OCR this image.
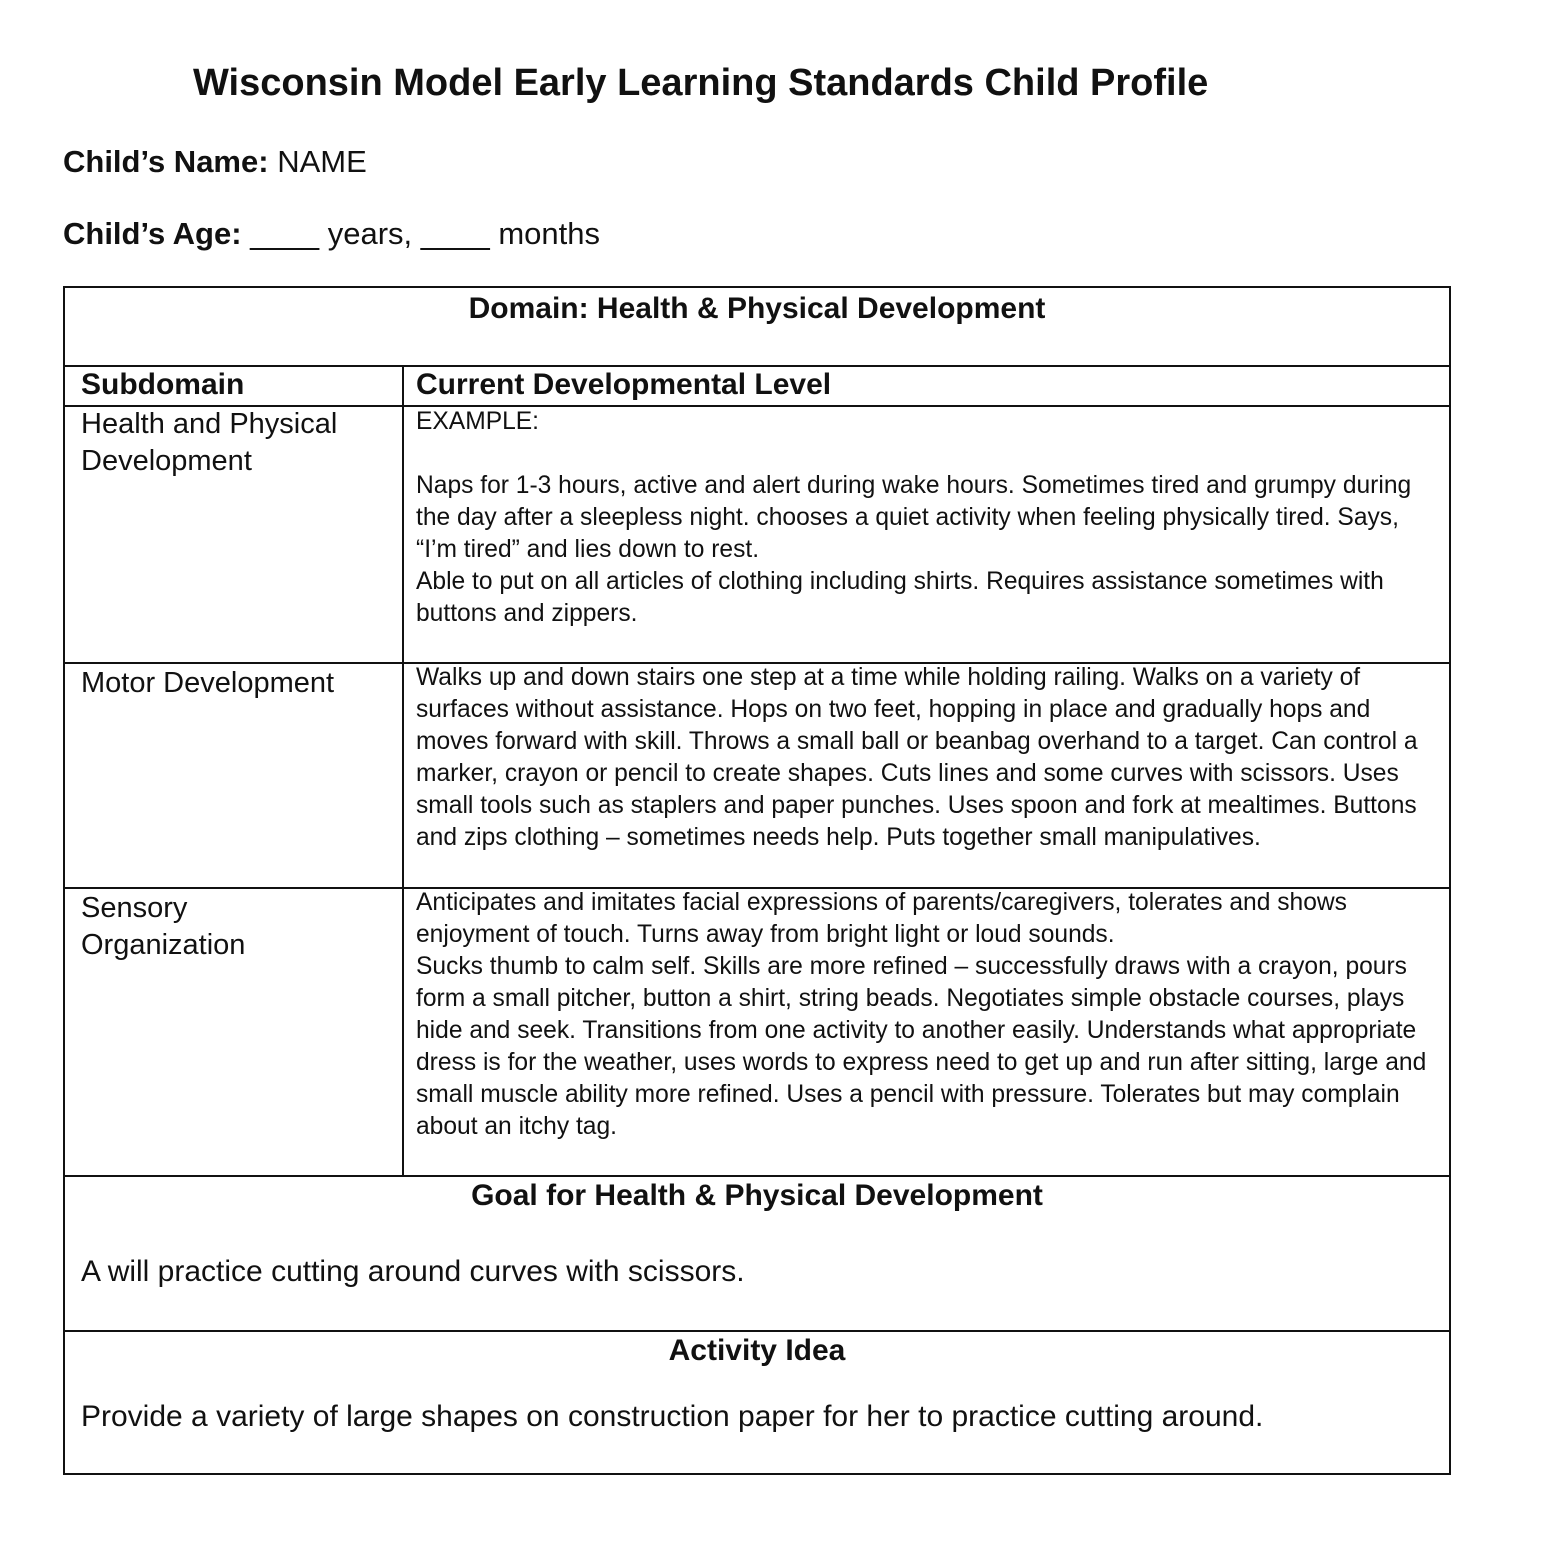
Wisconsin Model Early Learning Standards Child Profile
Child’s Name: NAME
Child’s Age: ____ years, ____ months
Domain: Health & Physical Development
Subdomain	Current Developmental Level
Health and Physical Development
EXAMPLE:

Naps for 1-3 hours, active and alert during wake hours. Sometimes tired and grumpy during the day after a sleepless night. chooses a quiet activity when feeling physically tired. Says, “I’m tired” and lies down to rest.
Able to put on all articles of clothing including shirts. Requires assistance sometimes with buttons and zippers.
Motor Development	Walks up and down stairs one step at a time while holding railing. Walks on a variety of surfaces without assistance. Hops on two feet, hopping in place and gradually hops and moves forward with skill. Throws a small ball or beanbag overhand to a target. Can control a marker, crayon or pencil to create shapes. Cuts lines and some curves with scissors. Uses small tools such as staplers and paper punches. Uses spoon and fork at mealtimes. Buttons and zips clothing – sometimes needs help. Puts together small manipulatives.
Sensory Organization
Anticipates and imitates facial expressions of parents/caregivers, tolerates and shows enjoyment of touch. Turns away from bright light or loud sounds.
Sucks thumb to calm self. Skills are more refined – successfully draws with a crayon, pours form a small pitcher, button a shirt, string beads. Negotiates simple obstacle courses, plays hide and seek. Transitions from one activity to another easily. Understands what appropriate dress is for the weather, uses words to express need to get up and run after sitting, large and small muscle ability more refined. Uses a pencil with pressure. Tolerates but may complain about an itchy tag.
Goal for Health & Physical Development
A will practice cutting around curves with scissors.
Activity Idea
Provide a variety of large shapes on construction paper for her to practice cutting around.
